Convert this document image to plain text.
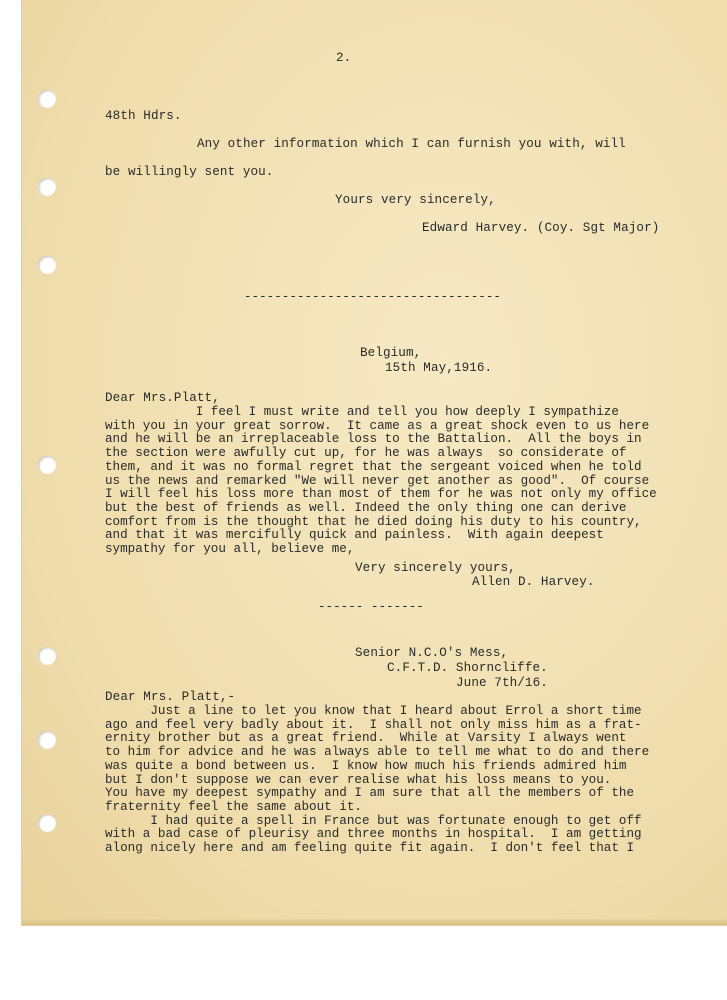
2.
48th Hdrs.
Any other information which I can furnish you with, will
be willingly sent you.
Yours very sincerely,
Edward Harvey. (Coy. Sgt Major)
----------------------------------
Belgium,
15th May,1916.
Dear Mrs.Platt,
I feel I must write and tell you how deeply I sympathize
with you in your great sorrow.  It came as a great shock even to us here
and he will be an irreplaceable loss to the Battalion.  All the boys in
the section were awfully cut up, for he was always  so considerate of
them, and it was no formal regret that the sergeant voiced when he told
us the news and remarked "We will never get another as good".  Of course
I will feel his loss more than most of them for he was not only my office
but the best of friends as well. Indeed the only thing one can derive
comfort from is the thought that he died doing his duty to his country,
and that it was mercifully quick and painless.  With again deepest
sympathy for you all, believe me,
Very sincerely yours,
Allen D. Harvey.
------ -------
Senior N.C.O's Mess,
C.F.T.D. Shorncliffe.
June 7th/16.
Dear Mrs. Platt,-
Just a line to let you know that I heard about Errol a short time
ago and feel very badly about it.  I shall not only miss him as a frat-
ernity brother but as a great friend.  While at Varsity I always went
to him for advice and he was always able to tell me what to do and there
was quite a bond between us.  I know how much his friends admired him
but I don't suppose we can ever realise what his loss means to you.
You have my deepest sympathy and I am sure that all the members of the
fraternity feel the same about it.
I had quite a spell in France but was fortunate enough to get off
with a bad case of pleurisy and three months in hospital.  I am getting
along nicely here and am feeling quite fit again.  I don't feel that I
